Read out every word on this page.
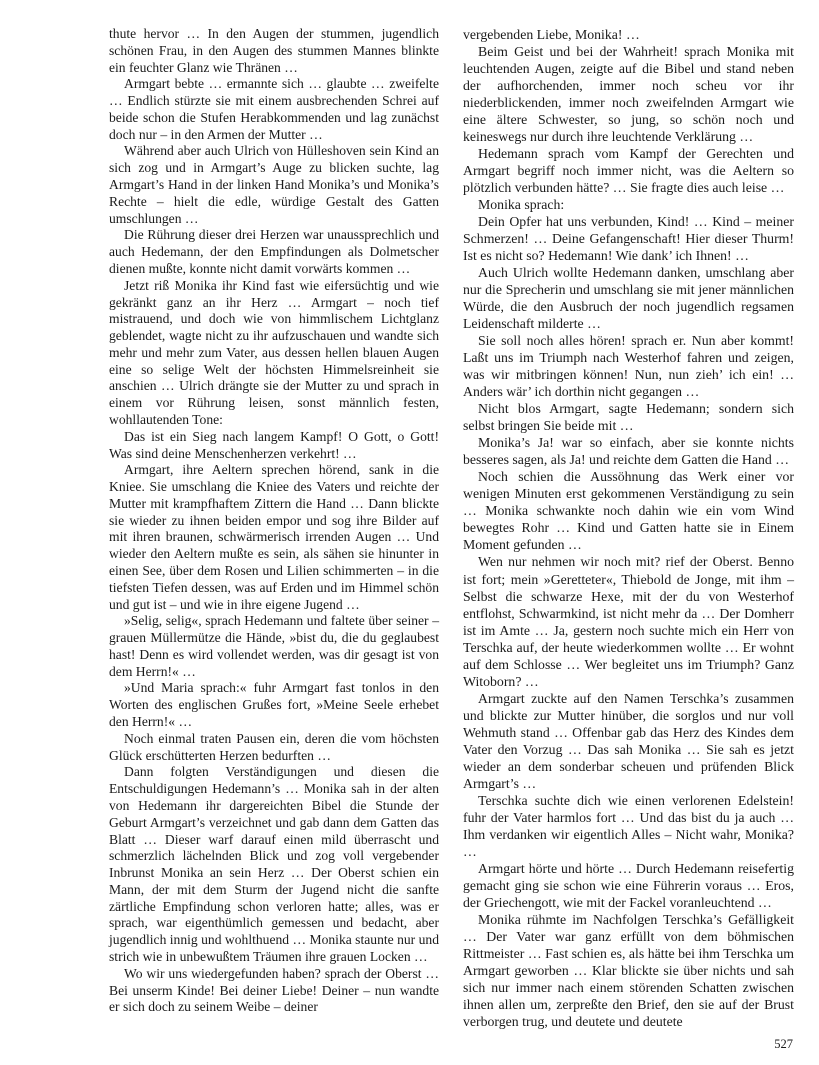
thute hervor … In den Augen der stummen, jugendlich schönen Frau, in den Augen des stummen Mannes blinkte ein feuchter Glanz wie Thränen …

Armgart bebte … ermannte sich … glaubte … zweifelte … Endlich stürzte sie mit einem ausbrechenden Schrei auf beide schon die Stufen Herabkommenden und lag zunächst doch nur – in den Armen der Mutter …

Während aber auch Ulrich von Hülleshoven sein Kind an sich zog und in Armgart’s Auge zu blicken suchte, lag Armgart’s Hand in der linken Hand Monika’s und Monika’s Rechte – hielt die edle, würdige Gestalt des Gatten umschlungen …

Die Rührung dieser drei Herzen war unaussprechlich und auch Hedemann, der den Empfindungen als Dolmetscher dienen mußte, konnte nicht damit vorwärts kommen …

Jetzt riß Monika ihr Kind fast wie eifersüchtig und wie gekränkt ganz an ihr Herz … Armgart – noch tief mistrauend, und doch wie von himmlischem Lichtglanz geblendet, wagte nicht zu ihr aufzuschauen und wandte sich mehr und mehr zum Vater, aus dessen hellen blauen Augen eine so selige Welt der höchsten Himmelsreinheit sie anschien … Ulrich drängte sie der Mutter zu und sprach in einem vor Rührung leisen, sonst männlich festen, wohllautenden Tone:

Das ist ein Sieg nach langem Kampf! O Gott, o Gott! Was sind deine Menschenherzen verkehrt! …

Armgart, ihre Aeltern sprechen hörend, sank in die Kniee. Sie umschlang die Kniee des Vaters und reichte der Mutter mit krampfhaftem Zittern die Hand … Dann blickte sie wieder zu ihnen beiden empor und sog ihre Bilder auf mit ihren braunen, schwärmerisch irrenden Augen … Und wieder den Aeltern mußte es sein, als sähen sie hinunter in einen See, über dem Rosen und Lilien schimmerten – in die tiefsten Tiefen dessen, was auf Erden und im Himmel schön und gut ist – und wie in ihre eigene Jugend …

»Selig, selig«, sprach Hedemann und faltete über seiner – grauen Müllermütze die Hände, »bist du, die du geglaubest hast! Denn es wird vollendet werden, was dir gesagt ist von dem Herrn!« …

»Und Maria sprach:« fuhr Armgart fast tonlos in den Worten des englischen Grußes fort, »Meine Seele erhebet den Herrn!« …

Noch einmal traten Pausen ein, deren die vom höchsten Glück erschütterten Herzen bedurften …

Dann folgten Verständigungen und diesen die Entschuldigungen Hedemann’s … Monika sah in der alten von Hedemann ihr dargereichten Bibel die Stunde der Geburt Armgart’s verzeichnet und gab dann dem Gatten das Blatt … Dieser warf darauf einen mild überrascht und schmerzlich lächelnden Blick und zog voll vergebender Inbrunst Monika an sein Herz … Der Oberst schien ein Mann, der mit dem Sturm der Jugend nicht die sanfte zärtliche Empfindung schon verloren hatte; alles, was er sprach, war eigenthümlich gemessen und bedacht, aber jugendlich innig und wohlthuend … Monika staunte nur und strich wie in unbewußtem Träumen ihre grauen Locken …

Wo wir uns wiedergefunden haben? sprach der Oberst … Bei unserm Kinde! Bei deiner Liebe! Deiner – nun wandte er sich doch zu seinem Weibe – deiner

vergebenden Liebe, Monika! …

Beim Geist und bei der Wahrheit! sprach Monika mit leuchtenden Augen, zeigte auf die Bibel und stand neben der aufhorchenden, immer noch scheu vor ihr niederblickenden, immer noch zweifelnden Armgart wie eine ältere Schwester, so jung, so schön noch und keineswegs nur durch ihre leuchtende Verklärung …

Hedemann sprach vom Kampf der Gerechten und Armgart begriff noch immer nicht, was die Aeltern so plötzlich verbunden hätte? … Sie fragte dies auch leise …

Monika sprach:

Dein Opfer hat uns verbunden, Kind! … Kind – meiner Schmerzen! … Deine Gefangenschaft! Hier dieser Thurm! Ist es nicht so? Hedemann! Wie dank’ ich Ihnen! …

Auch Ulrich wollte Hedemann danken, umschlang aber nur die Sprecherin und umschlang sie mit jener männlichen Würde, die den Ausbruch der noch jugendlich regsamen Leidenschaft milderte …

Sie soll noch alles hören! sprach er. Nun aber kommt! Laßt uns im Triumph nach Westerhof fahren und zeigen, was wir mitbringen können! Nun, nun zieh’ ich ein! … Anders wär’ ich dorthin nicht gegangen …

Nicht blos Armgart, sagte Hedemann; sondern sich selbst bringen Sie beide mit …

Monika’s Ja! war so einfach, aber sie konnte nichts besseres sagen, als Ja! und reichte dem Gatten die Hand …

Noch schien die Aussöhnung das Werk einer vor wenigen Minuten erst gekommenen Verständigung zu sein … Monika schwankte noch dahin wie ein vom Wind bewegtes Rohr … Kind und Gatten hatte sie in Einem Moment gefunden …

Wen nur nehmen wir noch mit? rief der Oberst. Benno ist fort; mein »Geretteter«, Thiebold de Jonge, mit ihm – Selbst die schwarze Hexe, mit der du von Westerhof entflohst, Schwarmkind, ist nicht mehr da … Der Domherr ist im Amte … Ja, gestern noch suchte mich ein Herr von Terschka auf, der heute wiederkommen wollte … Er wohnt auf dem Schlosse … Wer begleitet uns im Triumph? Ganz Witoborn? …

Armgart zuckte auf den Namen Terschka’s zusammen und blickte zur Mutter hinüber, die sorglos und nur voll Wehmuth stand … Offenbar gab das Herz des Kindes dem Vater den Vorzug … Das sah Monika … Sie sah es jetzt wieder an dem sonderbar scheuen und prüfenden Blick Armgart’s …

Terschka suchte dich wie einen verlorenen Edelstein! fuhr der Vater harmlos fort … Und das bist du ja auch … Ihm verdanken wir eigentlich Alles – Nicht wahr, Monika? …

Armgart hörte und hörte … Durch Hedemann reisefertig gemacht ging sie schon wie eine Führerin voraus … Eros, der Griechengott, wie mit der Fackel voranleuchtend …

Monika rühmte im Nachfolgen Terschka’s Gefälligkeit … Der Vater war ganz erfüllt von dem böhmischen Rittmeister … Fast schien es, als hätte bei ihm Terschka um Armgart geworben … Klar blickte sie über nichts und sah sich nur immer nach einem störenden Schatten zwischen ihnen allen um, zerpreßte den Brief, den sie auf der Brust verborgen trug, und deutete und deutete

527
